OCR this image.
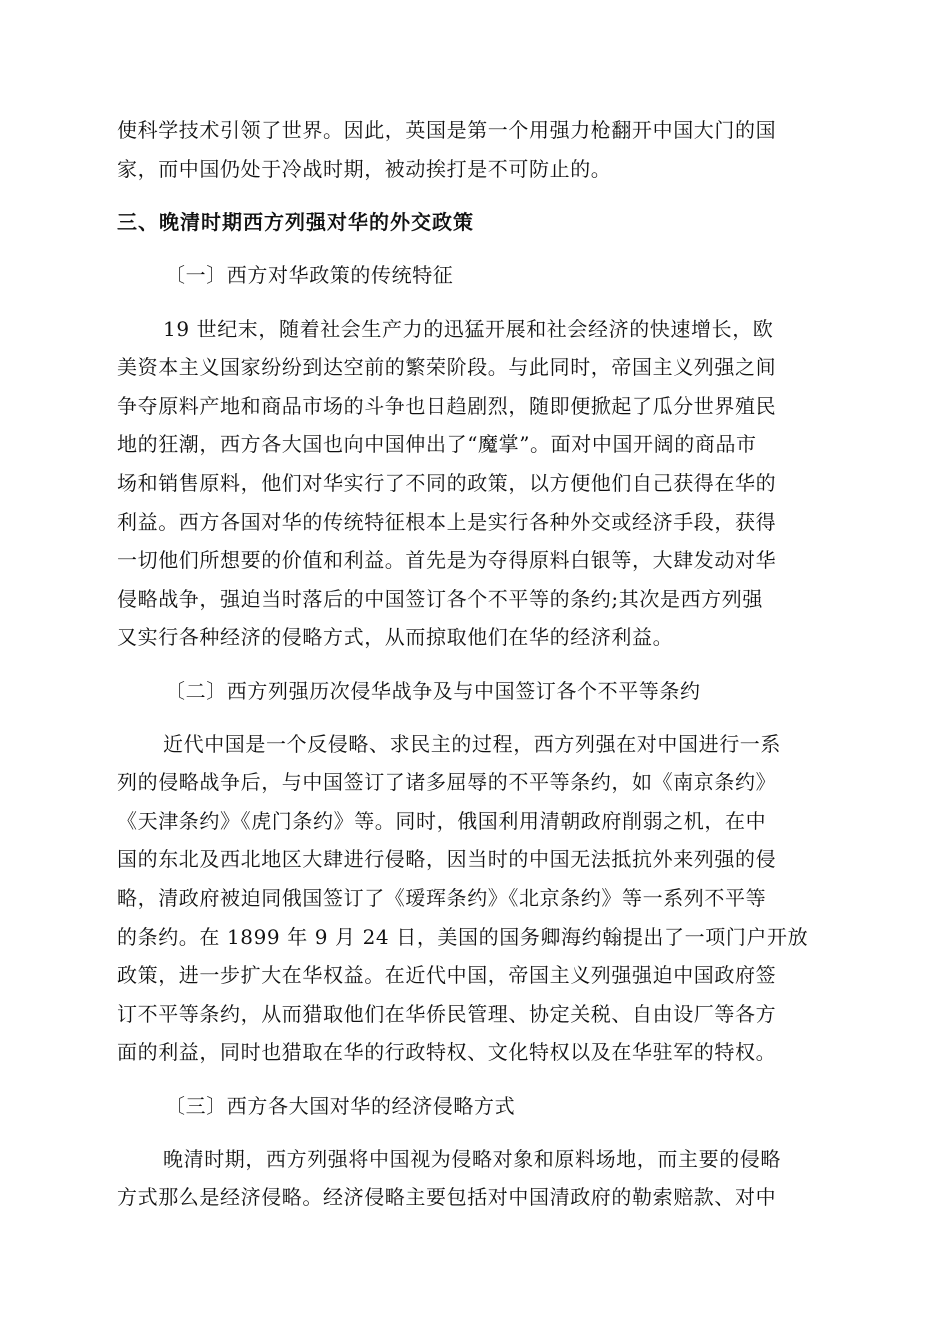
使科学技术引领了世界。因此，英国是第一个用强力枪翻开中国大门的国
家，而中国仍处于冷战时期，被动挨打是不可防止的。
三、晚清时期西方列强对华的外交政策
〔一〕西方对华政策的传统特征
19 世纪末，随着社会生产力的迅猛开展和社会经济的快速增长，欧
美资本主义国家纷纷到达空前的繁荣阶段。与此同时，帝国主义列强之间
争夺原料产地和商品市场的斗争也日趋剧烈，随即便掀起了瓜分世界殖民
地的狂潮，西方各大国也向中国伸出了“魔掌”。面对中国开阔的商品市
场和销售原料，他们对华实行了不同的政策，以方便他们自己获得在华的
利益。西方各国对华的传统特征根本上是实行各种外交或经济手段，获得
一切他们所想要的价值和利益。首先是为夺得原料白银等，大肆发动对华
侵略战争，强迫当时落后的中国签订各个不平等的条约;其次是西方列强
又实行各种经济的侵略方式，从而掠取他们在华的经济利益。
〔二〕西方列强历次侵华战争及与中国签订各个不平等条约
近代中国是一个反侵略、求民主的过程，西方列强在对中国进行一系
列的侵略战争后，与中国签订了诸多屈辱的不平等条约，如《南京条约》
《天津条约》《虎门条约》等。同时，俄国利用清朝政府削弱之机，在中
国的东北及西北地区大肆进行侵略，因当时的中国无法抵抗外来列强的侵
略，清政府被迫同俄国签订了《瑷珲条约》《北京条约》等一系列不平等
的条约。在 1899 年 9 月 24 日，美国的国务卿海约翰提出了一项门户开放
政策，进一步扩大在华权益。在近代中国，帝国主义列强强迫中国政府签
订不平等条约，从而猎取他们在华侨民管理、协定关税、自由设厂等各方
面的利益，同时也猎取在华的行政特权、文化特权以及在华驻军的特权。
〔三〕西方各大国对华的经济侵略方式
晚清时期，西方列强将中国视为侵略对象和原料场地，而主要的侵略
方式那么是经济侵略。经济侵略主要包括对中国清政府的勒索赔款、对中
